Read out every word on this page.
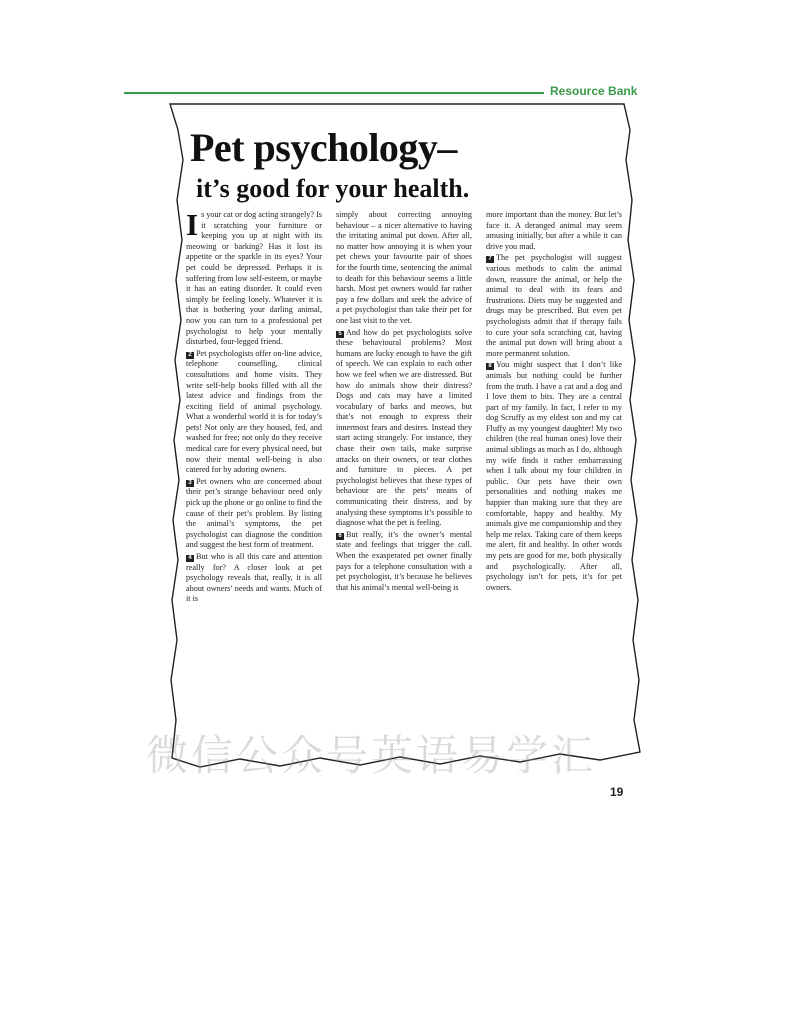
Resource Bank
Pet psychology–
it’s good for your health.

Is your cat or dog acting strangely? Is it scratching your furniture or keeping you up at night with its meowing or barking? Has it lost its appetite or the sparkle in its eyes? Your pet could be depressed. Perhaps it is suffering from low self-esteem, or maybe it has an eating disorder. It could even simply be feeling lonely. Whatever it is that is bothering your darling animal, now you can turn to a professional pet psychologist to help your mentally disturbed, four-legged friend.

2 Pet psychologists offer on-line advice, telephone counselling, clinical consultations and home visits. They write self-help books filled with all the latest advice and findings from the exciting field of animal psychology. What a wonderful world it is for today’s pets! Not only are they housed, fed, and washed for free; not only do they receive medical care for every physical need, but now their mental well-being is also catered for by adoring owners.

3 Pet owners who are concerned about their pet’s strange behaviour need only pick up the phone or go online to find the cause of their pet’s problem. By listing the animal’s symptoms, the pet psychologist can diagnose the condition and suggest the best form of treatment.

4 But who is all this care and attention really for? A closer look at pet psychology reveals that, really, it is all about owners’ needs and wants. Much of it is

simply about correcting annoying behaviour – a nicer alternative to having the irritating animal put down. After all, no matter how annoying it is when your pet chews your favourite pair of shoes for the fourth time, sentencing the animal to death for this behaviour seems a little harsh. Most pet owners would far rather pay a few dollars and seek the advice of a pet psychologist than take their pet for one last visit to the vet.

5 And how do pet psychologists solve these behavioural problems? Most humans are lucky enough to have the gift of speech. We can explain to each other how we feel when we are distressed. But how do animals show their distress? Dogs and cats may have a limited vocabulary of barks and meows, but that’s not enough to express their innermost fears and desires. Instead they start acting strangely. For instance, they chase their own tails, make surprise attacks on their owners, or tear clothes and furniture to pieces. A pet psychologist believes that these types of behaviour are the pets’ means of communicating their distress, and by analysing these symptoms it’s possible to diagnose what the pet is feeling.

6 But really, it’s the owner’s mental state and feelings that trigger the call. When the exasperated pet owner finally pays for a telephone consultation with a pet psychologist, it’s because he believes that his animal’s mental well-being is

more important than the money. But let’s face it. A deranged animal may seem amusing initially, but after a while it can drive you mad.

7 The pet psychologist will suggest various methods to calm the animal down, reassure the animal, or help the animal to deal with its fears and frustrations. Diets may be suggested and drugs may be prescribed. But even pet psychologists admit that if therapy fails to cure your sofa scratching cat, having the animal put down will bring about a more permanent solution.

8 You might suspect that I don’t like animals but nothing could be further from the truth. I have a cat and a dog and I love them to bits. They are a central part of my family. In fact, I refer to my dog Scruffy as my eldest son and my cat Fluffy as my youngest daughter! My two children (the real human ones) love their animal siblings as much as I do, although my wife finds it rather embarrassing when I talk about my four children in public. Our pets have their own personalities and nothing makes me happier than making sure that they are comfortable, happy and healthy. My animals give me companionship and they help me relax. Taking care of them keeps me alert, fit and healthy. In other words my pets are good for me, both physically and psychologically. After all, psychology isn’t for pets, it’s for pet owners.

微信公众号英语易学汇
19
